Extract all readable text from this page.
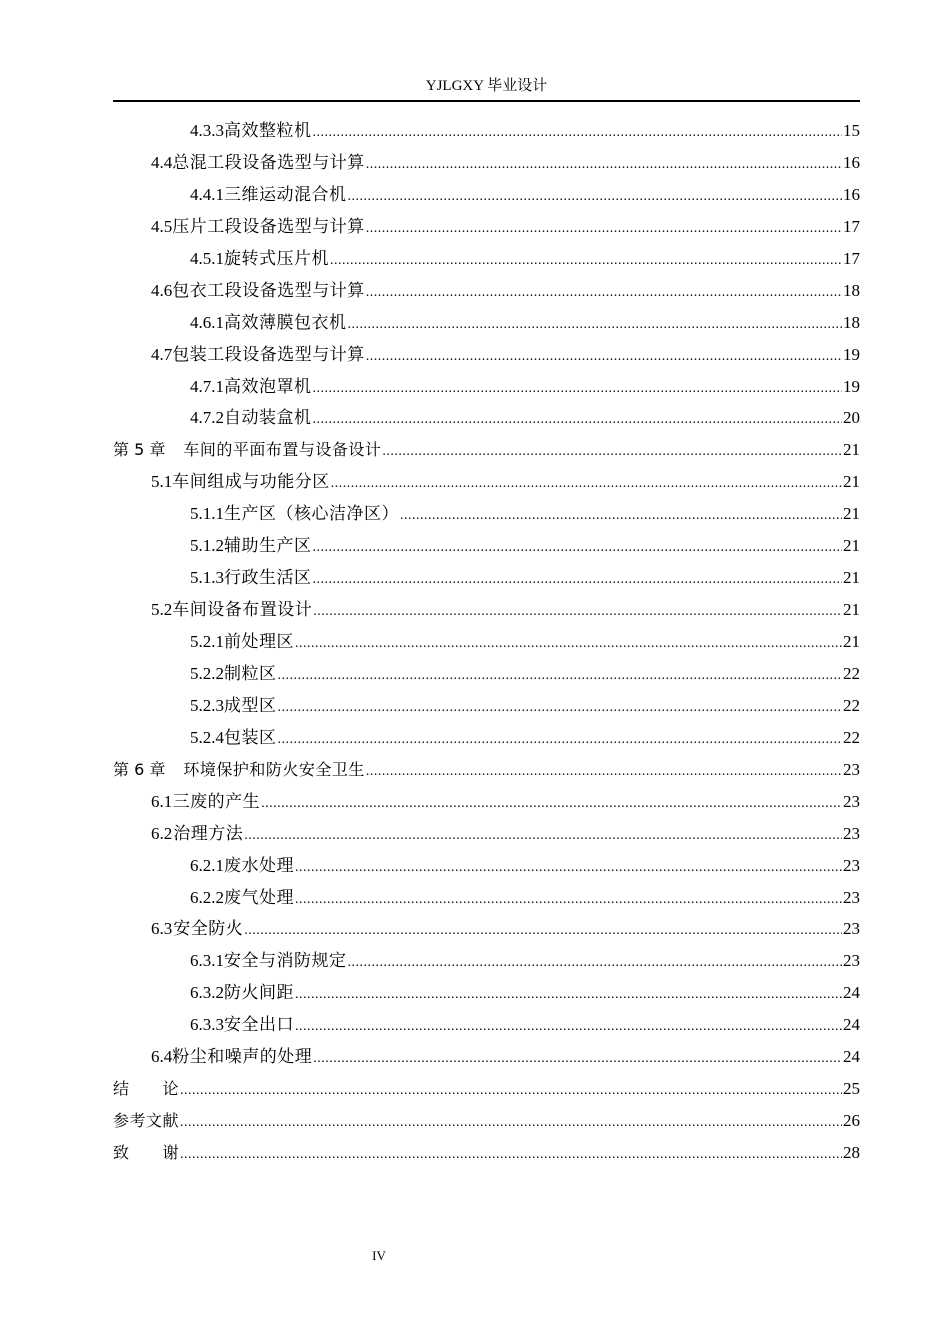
YJLGXY 毕业设计
4.3.3 高效整粒机 .....	15
4.4 总混工段设备选型与计算 .....	16
4.4.1 三维运动混合机 .....	16
4.5 压片工段设备选型与计算 .....	17
4.5.1 旋转式压片机 .....	17
4.6 包衣工段设备选型与计算 .....	18
4.6.1 高效薄膜包衣机 .....	18
4.7 包装工段设备选型与计算 .....	19
4.7.1 高效泡罩机 .....	19
4.7.2 自动装盒机 .....	20
第 5 章 车间的平面布置与设备设计 .....	21
5.1 车间组成与功能分区 .....	21
5.1.1 生产区（核心洁净区） .....	21
5.1.2 辅助生产区 .....	21
5.1.3 行政生活区 .....	21
5.2 车间设备布置设计 .....	21
5.2.1 前处理区 .....	21
5.2.2 制粒区 .....	22
5.2.3 成型区 .....	22
5.2.4 包装区 .....	22
第 6 章 环境保护和防火安全卫生 .....	23
6.1 三废的产生 .....	23
6.2 治理方法 .....	23
6.2.1 废水处理 .....	23
6.2.2 废气处理 .....	23
6.3 安全防火 .....	23
6.3.1 安全与消防规定 .....	23
6.3.2 防火间距 .....	24
6.3.3 安全出口 .....	24
6.4 粉尘和噪声的处理 .....	24
结　　论 .....	25
参考文献 .....	26
致　　谢 .....	28
IV
